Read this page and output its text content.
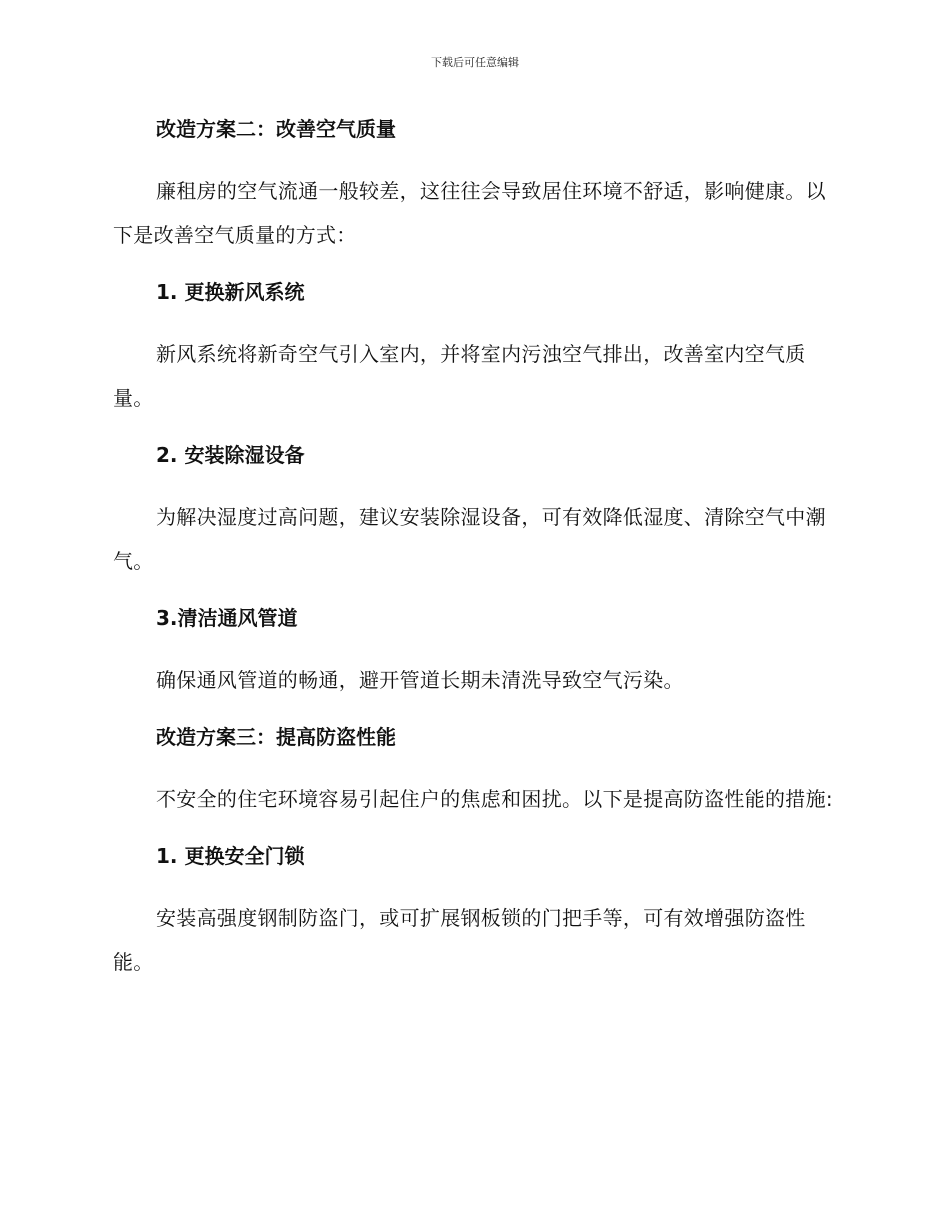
下载后可任意编辑

改造方案二：改善空气质量

廉租房的空气流通一般较差，这往往会导致居住环境不舒适，影响健康。以下是改善空气质量的方式：

1. 更换新风系统

新风系统将新奇空气引入室内，并将室内污浊空气排出，改善室内空气质量。

2. 安装除湿设备

为解决湿度过高问题，建议安装除湿设备，可有效降低湿度、清除空气中潮气。

3.清洁通风管道

确保通风管道的畅通，避开管道长期未清洗导致空气污染。

改造方案三：提高防盗性能

不安全的住宅环境容易引起住户的焦虑和困扰。以下是提高防盗性能的措施:

1. 更换安全门锁

安装高强度钢制防盗门，或可扩展钢板锁的门把手等，可有效增强防盗性能。
